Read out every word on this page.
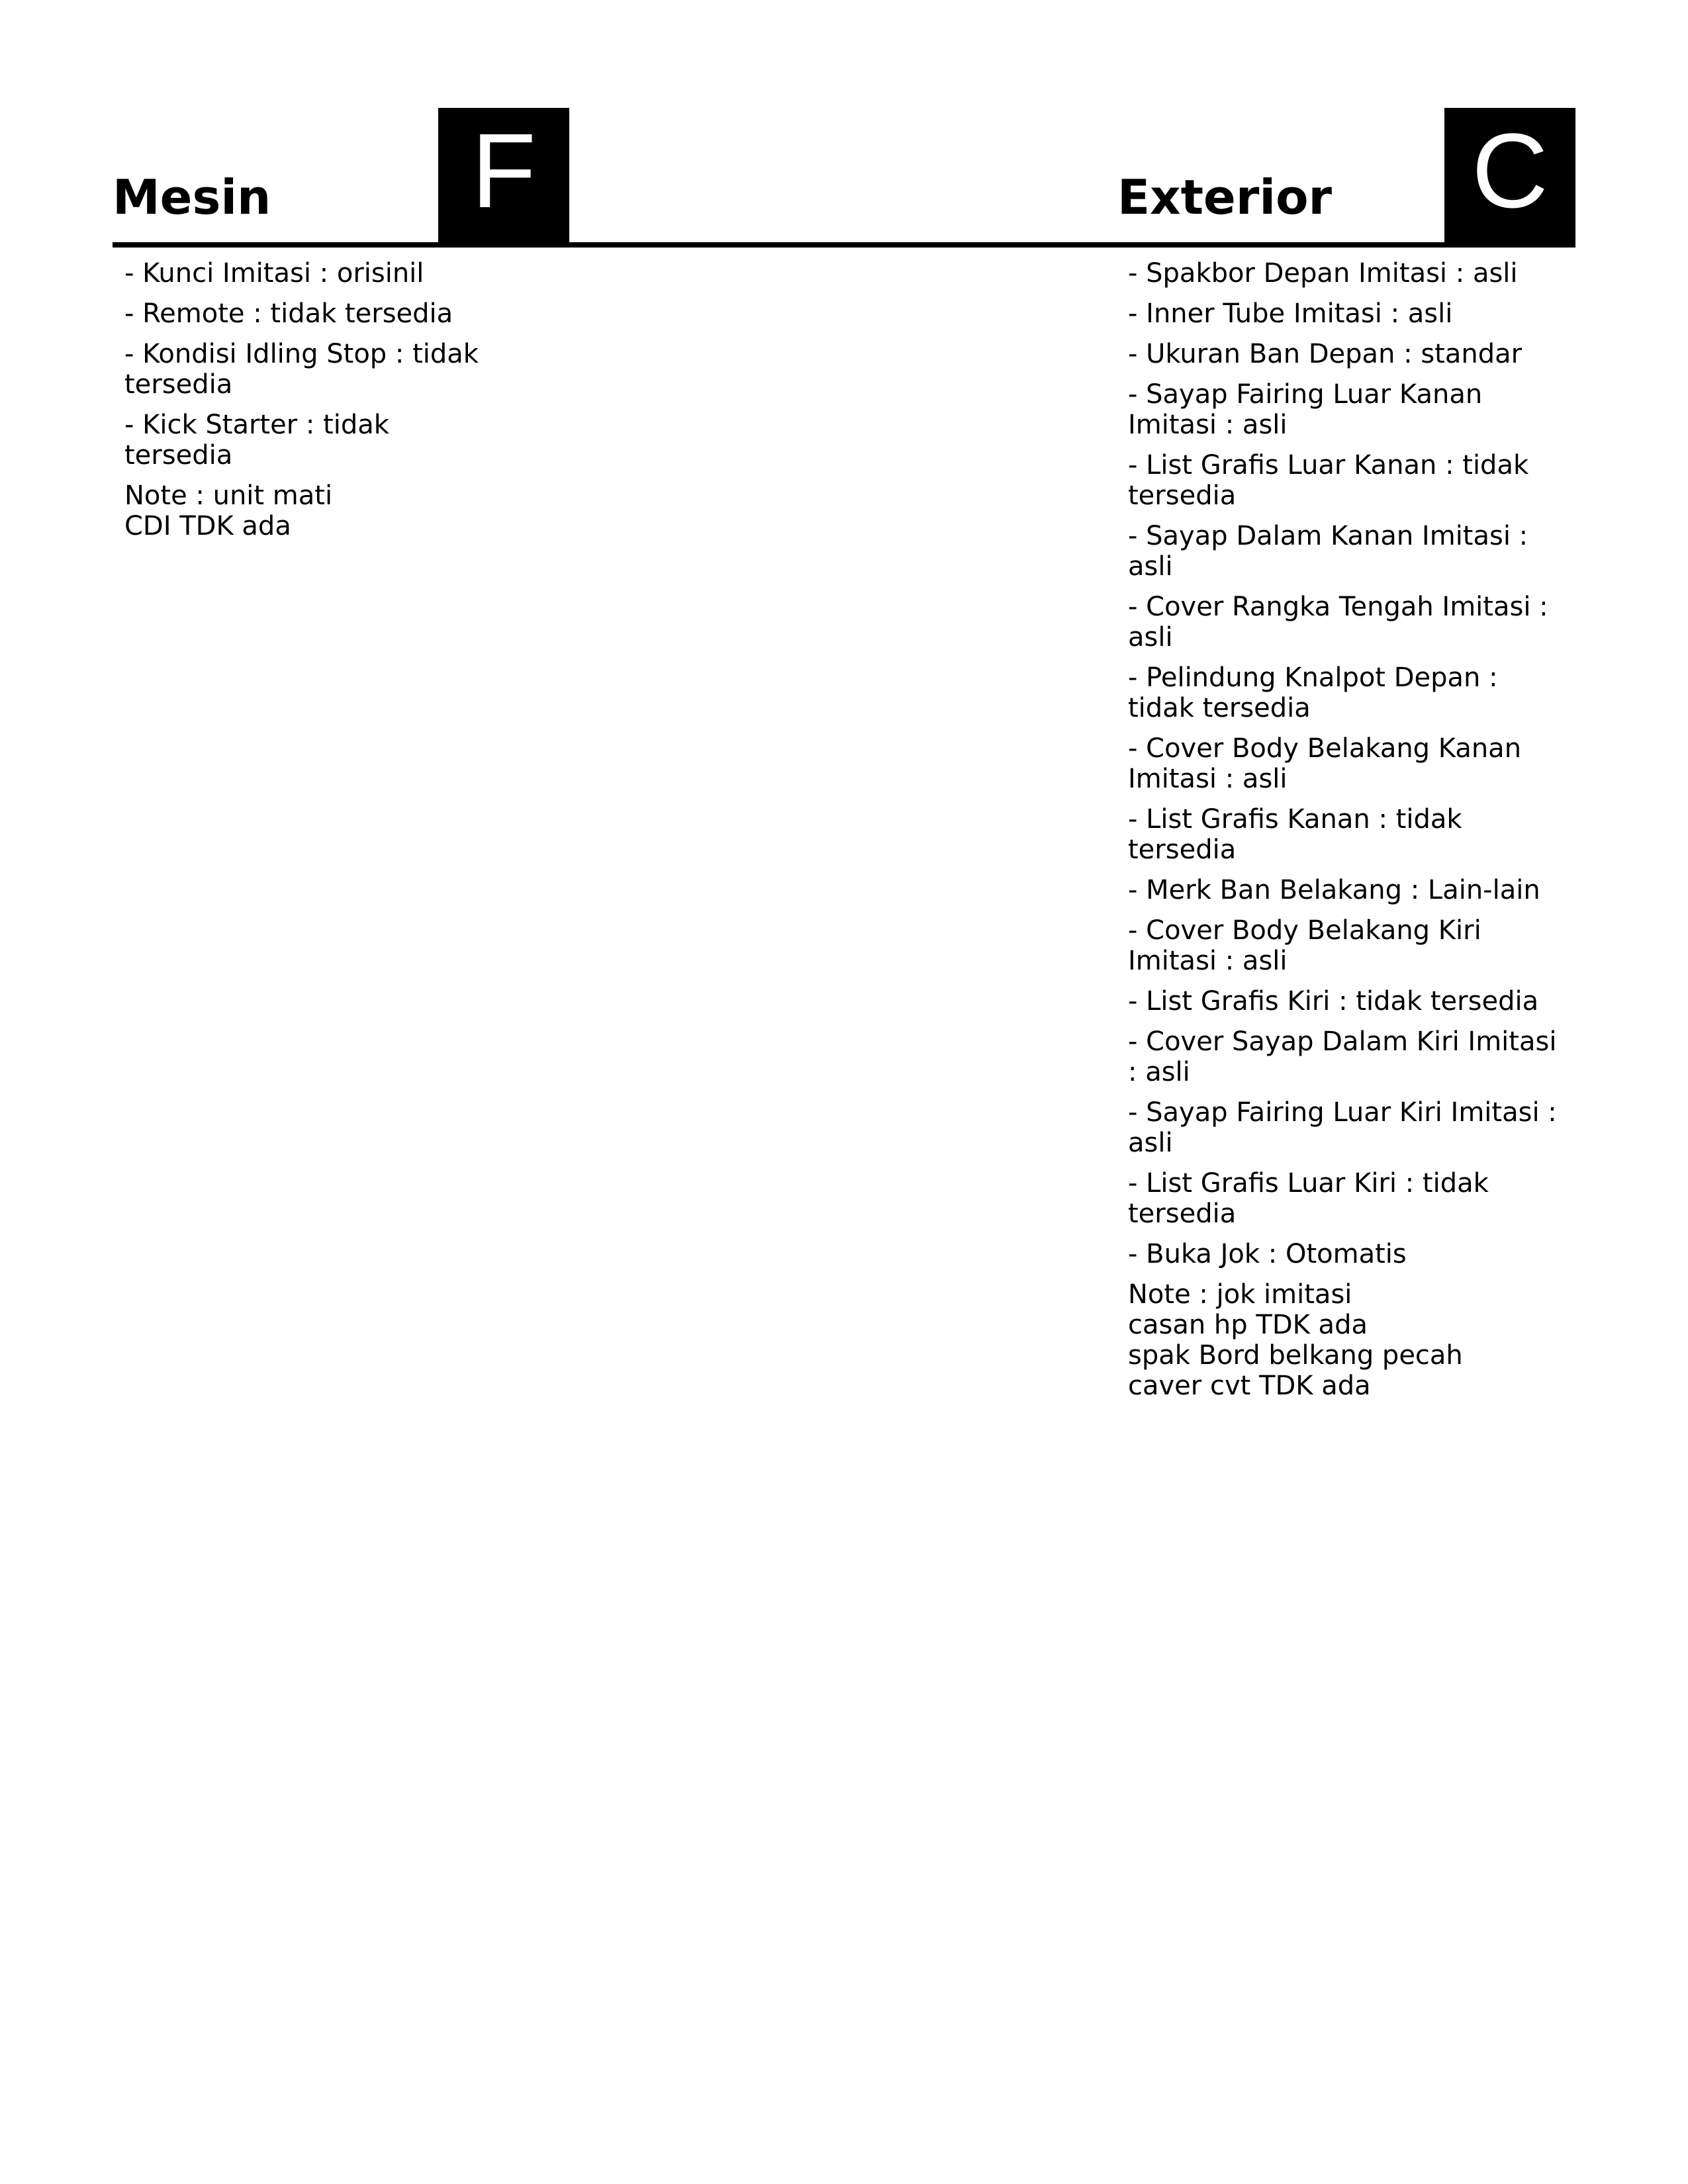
Mesin	F
- Kunci Imitasi : orisinil
- Remote : tidak tersedia
- Kondisi Idling Stop : tidak tersedia
- Kick Starter : tidak tersedia

Note : unit mati
CDI TDK ada

Exterior C
- Spakbor Depan Imitasi : asli
- Inner Tube Imitasi : asli
- Ukuran Ban Depan : standar
- Sayap Fairing Luar Kanan Imitasi : asli
- List Grafis Luar Kanan : tidak tersedia
- Sayap Dalam Kanan Imitasi : asli
- Cover Rangka Tengah Imitasi : asli
- Pelindung Knalpot Depan : tidak tersedia
- Cover Body Belakang Kanan Imitasi : asli
- List Grafis Kanan : tidak tersedia
- Merk Ban Belakang : Lain-lain
- Cover Body Belakang Kiri Imitasi : asli
- List Grafis Kiri : tidak tersedia
- Cover Sayap Dalam Kiri Imitasi : asli
- Sayap Fairing Luar Kiri Imitasi : asli
- List Grafis Luar Kiri : tidak tersedia
- Buka Jok : Otomatis

Note : jok imitasi
casan hp TDK ada
spak Bord belkang pecah
caver cvt TDK ada
